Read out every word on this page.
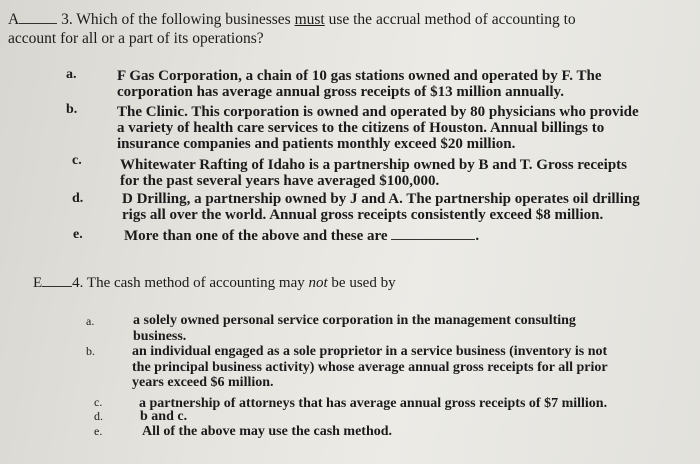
A	3. Which of the following businesses must use the accrual method of accounting to
account for all or a part of its operations?
a.	F Gas Corporation, a chain of 10 gas stations owned and operated by F. The
corporation has average annual gross receipts of $13 million annually.
b.	The Clinic. This corporation is owned and operated by 80 physicians who provide
a variety of health care services to the citizens of Houston. Annual billings to
insurance companies and patients monthly exceed $20 million.
c.	Whitewater Rafting of Idaho is a partnership owned by B and T. Gross receipts
for the past several years have averaged $100,000.
d.	D Drilling, a partnership owned by J and A. The partnership operates oil drilling
rigs all over the world. Annual gross receipts consistently exceed $8 million.
e.	More than one of the above and these are	.
E 4. The cash method of accounting may not be used by
a.	a solely owned personal service corporation in the management consulting
business.
b.	an individual engaged as a sole proprietor in a service business (inventory is not
the principal business activity) whose average annual gross receipts for all prior
years exceed $6 million.
c.	a partnership of attorneys that has average annual gross receipts of $7 million.
d.	b and c.
e.	All of the above may use the cash method.
